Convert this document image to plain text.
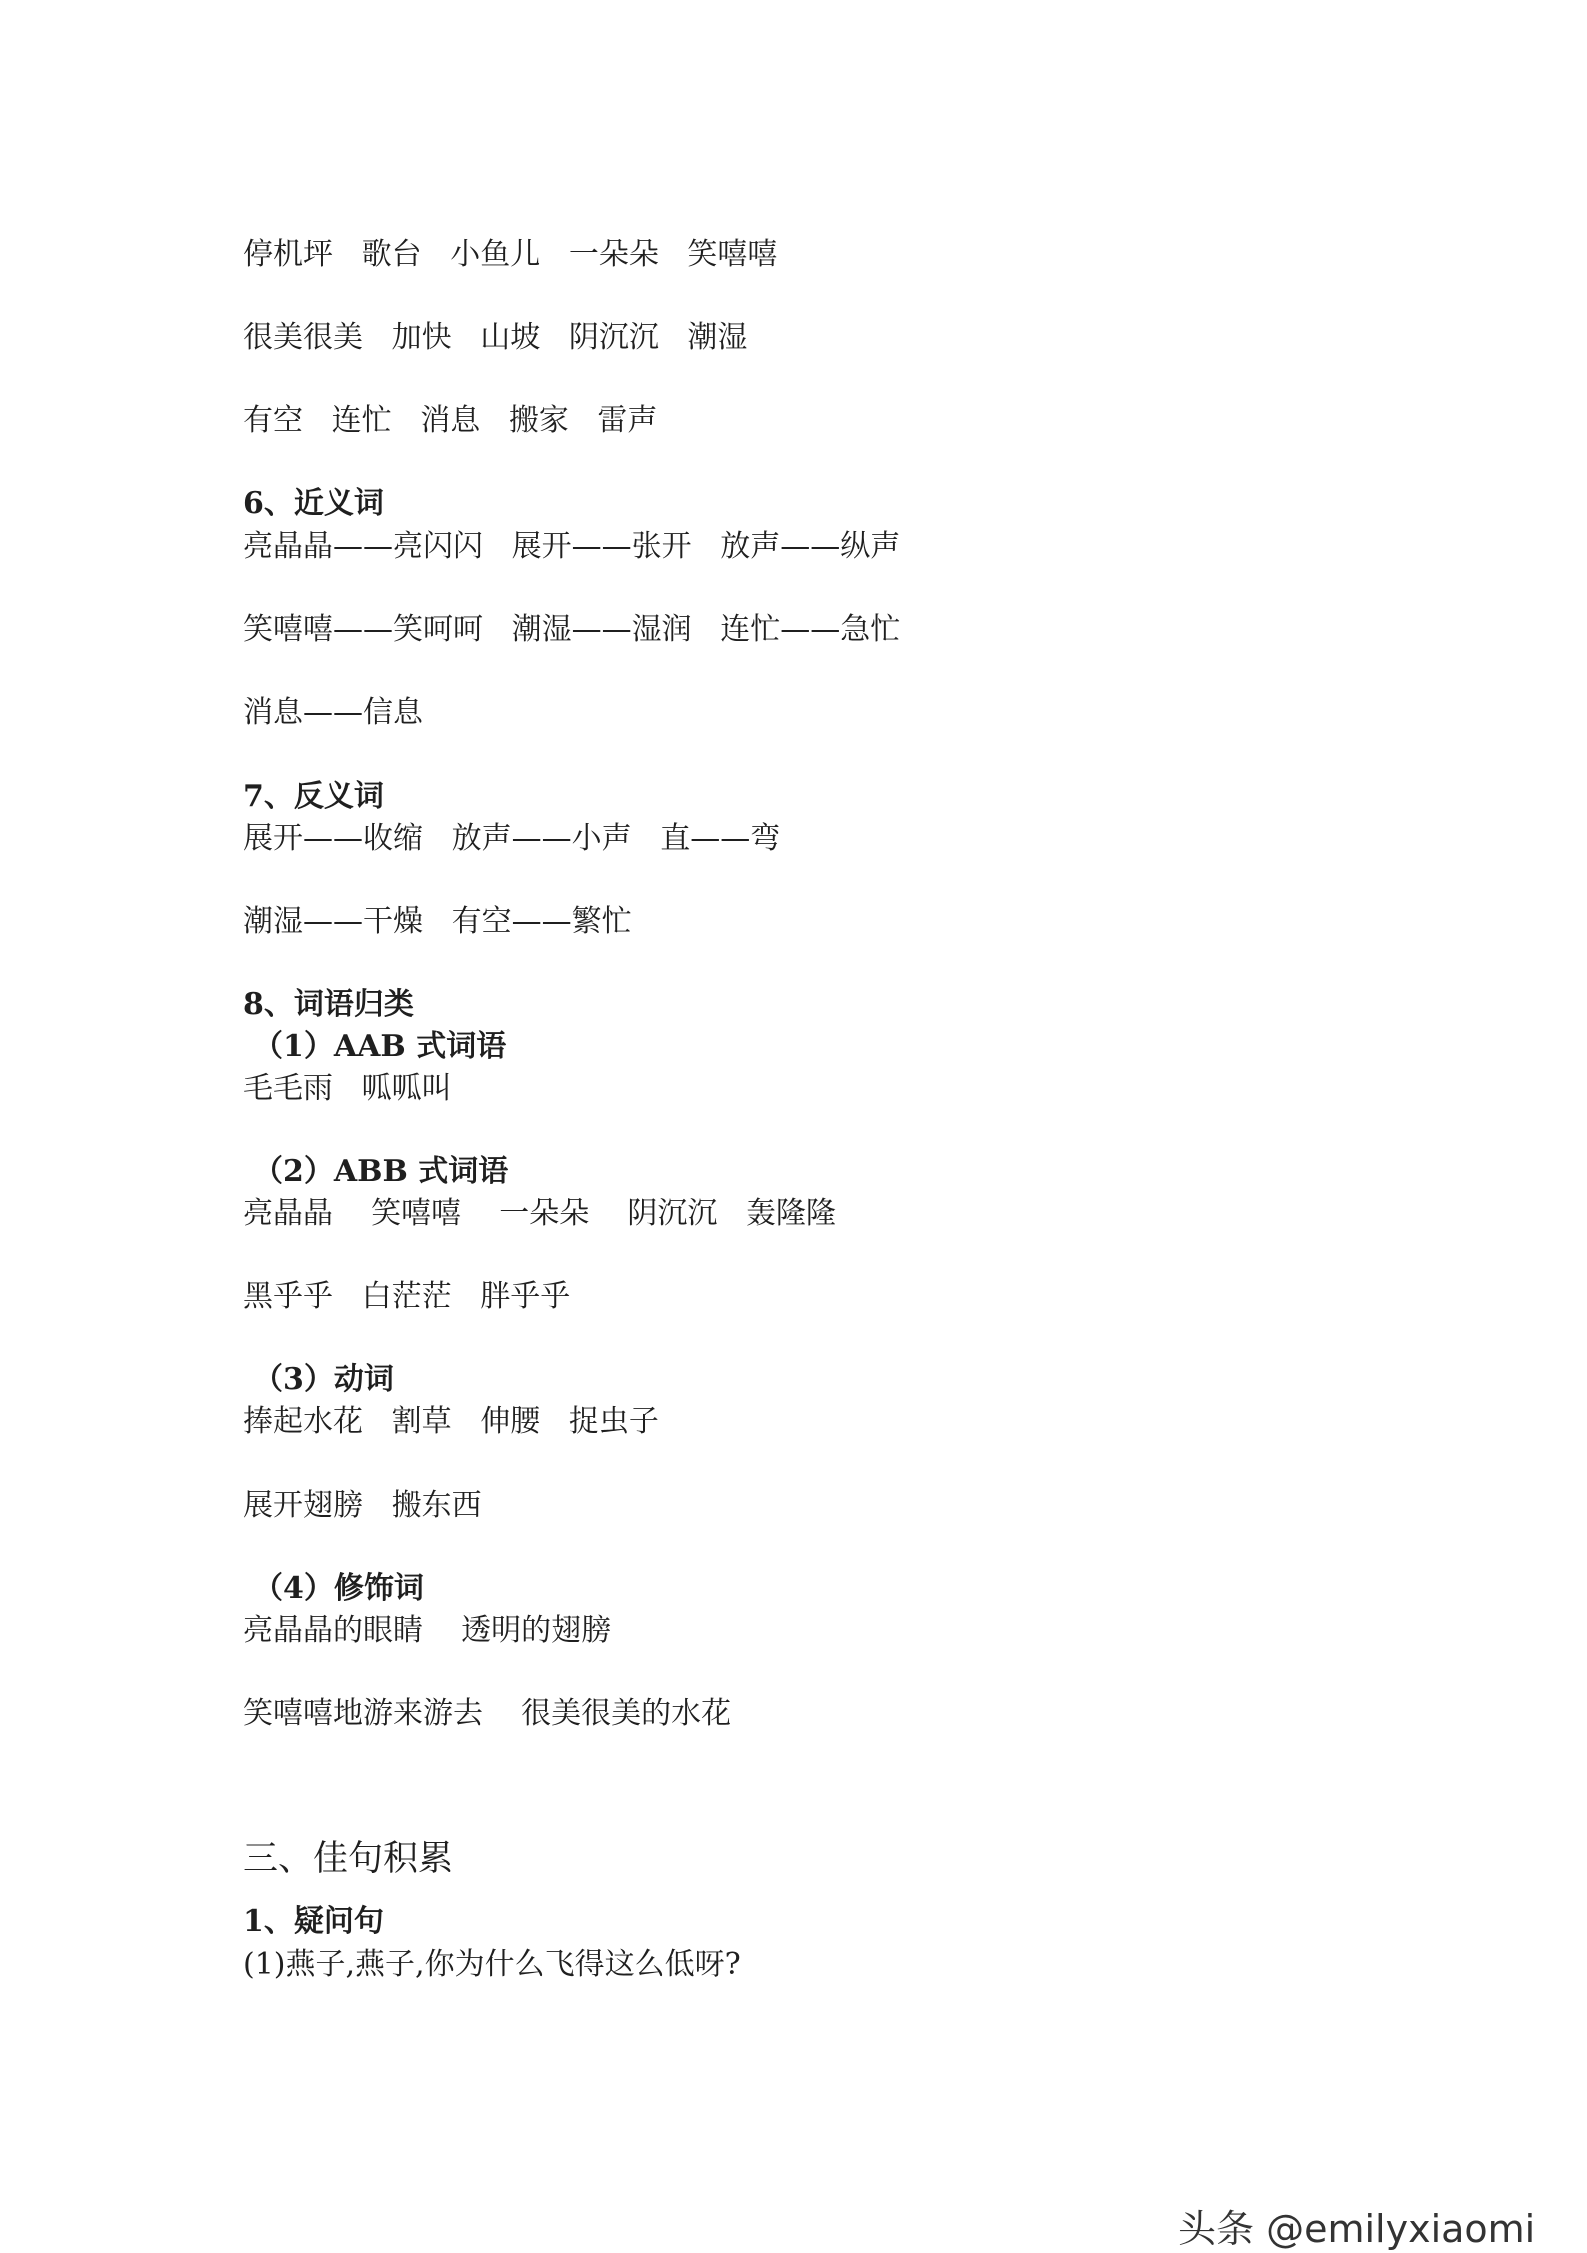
停机坪   歌台   小鱼儿   一朵朵   笑嘻嘻

很美很美   加快   山坡   阴沉沉   潮湿

有空   连忙   消息   搬家   雷声

6、近义词

亮晶晶——亮闪闪   展开——张开   放声——纵声

笑嘻嘻——笑呵呵   潮湿——湿润   连忙——急忙

消息——信息

7、反义词

展开——收缩   放声——小声   直——弯

潮湿——干燥   有空——繁忙

8、词语归类

（1）AAB 式词语

毛毛雨   呱呱叫

（2）ABB 式词语

亮晶晶    笑嘻嘻    一朵朵    阴沉沉   轰隆隆

黑乎乎   白茫茫   胖乎乎

（3）动词

捧起水花   割草   伸腰   捉虫子

展开翅膀   搬东西

（4）修饰词

亮晶晶的眼睛    透明的翅膀

笑嘻嘻地游来游去    很美很美的水花

三、佳句积累

1、疑问句

(1)燕子,燕子,你为什么飞得这么低呀?

头条 @emilyxiaomi
